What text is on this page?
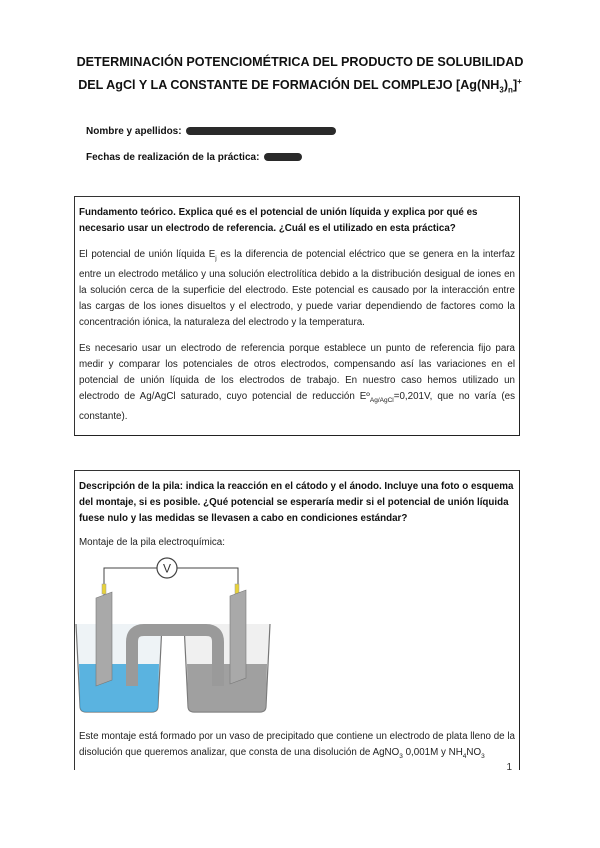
DETERMINACIÓN POTENCIOMÉTRICA DEL PRODUCTO DE SOLUBILIDAD
DEL AgCl Y LA CONSTANTE DE FORMACIÓN DEL COMPLEJO $[Ag(NH_3)_n]^+$
Nombre y apellidos:
Fechas de realización de la práctica:
Fundamento teórico. Explica qué es el potencial de unión líquida y explica por qué es necesario usar un electrodo de referencia. ¿Cuál es el utilizado en esta práctica?
El potencial de unión líquida $E_j$ es la diferencia de potencial eléctrico que se genera en la interfaz entre un electrodo metálico y una solución electrolítica debido a la distribución desigual de iones en la solución cerca de la superficie del electrodo. Este potencial es causado por la interacción entre las cargas de los iones disueltos y el electrodo, y puede variar dependiendo de factores como la concentración iónica, la naturaleza del electrodo y la temperatura.
Es necesario usar un electrodo de referencia porque establece un punto de referencia fijo para medir y comparar los potenciales de otros electrodos, compensando así las variaciones en el potencial de unión líquida de los electrodos de trabajo. En nuestro caso hemos utilizado un electrodo de Ag/AgCl saturado, cuyo potencial de reducción Eº$_{Ag/AgCl}$=0,201V, que no varía (es constante).
Descripción de la pila: indica la reacción en el cátodo y el ánodo. Incluye una foto o esquema del montaje, si es posible. ¿Qué potencial se esperaría medir si el potencial de unión líquida fuese nulo y las medidas se llevasen a cabo en condiciones estándar?
Montaje de la pila electroquímica:
Este montaje está formado por un vaso de precipitado que contiene un electrodo de plata lleno de la disolución que queremos analizar, que consta de una disolución de AgNO$_3$ 0,001M y $NH_4NO_3$
V
1
